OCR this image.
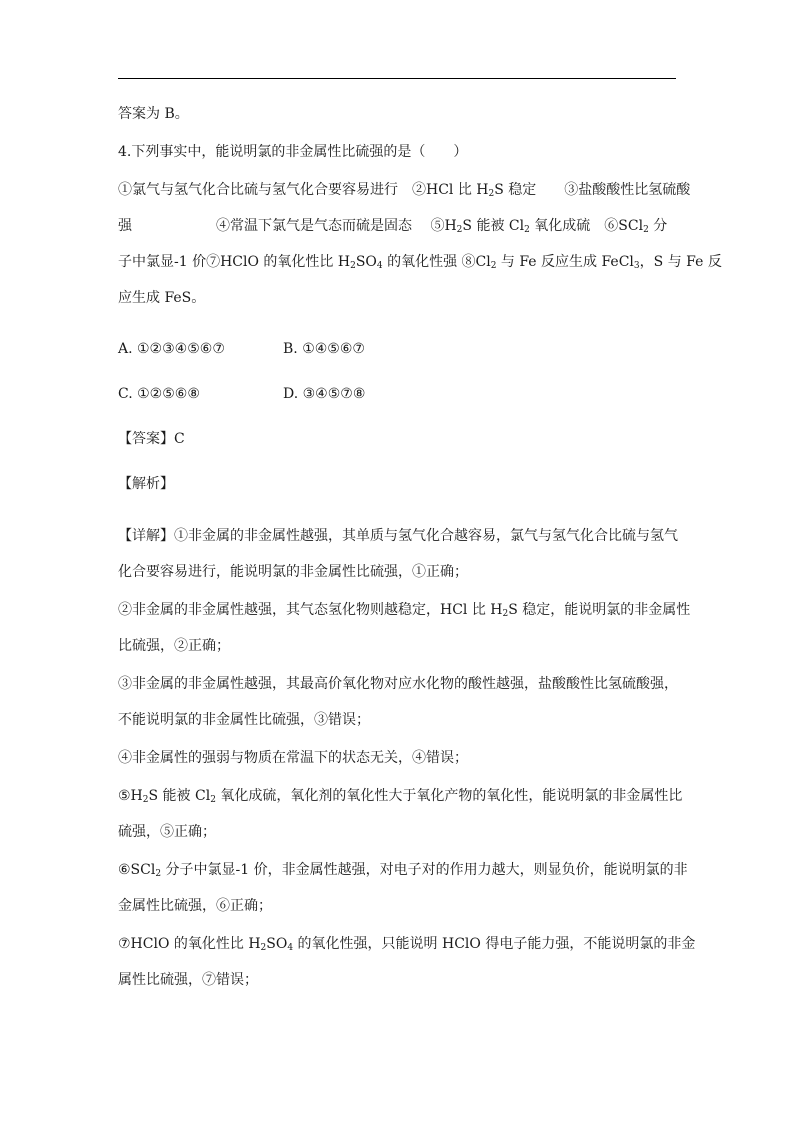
答案为 B。
4.下列事实中，能说明氯的非金属性比硫强的是（　　）
①氯气与氢气化合比硫与氢气化合要容易进行　②HCl 比 $H_2S$ 稳定　　③盐酸酸性比氢硫酸
强　　　　　　④常温下氯气是气态而硫是固态　 $⑤H_2S$ 能被 $Cl_2$ 氧化成硫　⑥SCl$_2$ 分
子中氯显-1 价⑦HClO 的氧化性比 $H_2SO_4$ 的氧化性强 $⑧Cl_2$ 与 Fe 反应生成 FeCl$_3$，S 与 Fe 反
应生成 FeS。
A. ①②③④⑤⑥⑦	B. ①④⑤⑥⑦
C. ①②⑤⑥⑧	D. ③④⑤⑦⑧
【答案】C
【解析】
【详解】①非金属的非金属性越强，其单质与氢气化合越容易，氯气与氢气化合比硫与氢气
化合要容易进行，能说明氯的非金属性比硫强，①正确；
②非金属的非金属性越强，其气态氢化物则越稳定，HCl 比 $H_2S$ 稳定，能说明氯的非金属性
比硫强，②正确；
③非金属的非金属性越强，其最高价氧化物对应水化物的酸性越强，盐酸酸性比氢硫酸强，
不能说明氯的非金属性比硫强，③错误；
④非金属性的强弱与物质在常温下的状态无关，④错误；
$⑤H_2S$ 能被 $Cl_2$ 氧化成硫，氧化剂的氧化性大于氧化产物的氧化性，能说明氯的非金属性比
硫强，⑤正确；
⑥SCl$_2$ 分子中氯显-1 价，非金属性越强，对电子对的作用力越大，则显负价，能说明氯的非
金属性比硫强，⑥正确；
⑦HClO 的氧化性比 $H_2SO_4$ 的氧化性强，只能说明 HClO 得电子能力强，不能说明氯的非金
属性比硫强，⑦错误；
